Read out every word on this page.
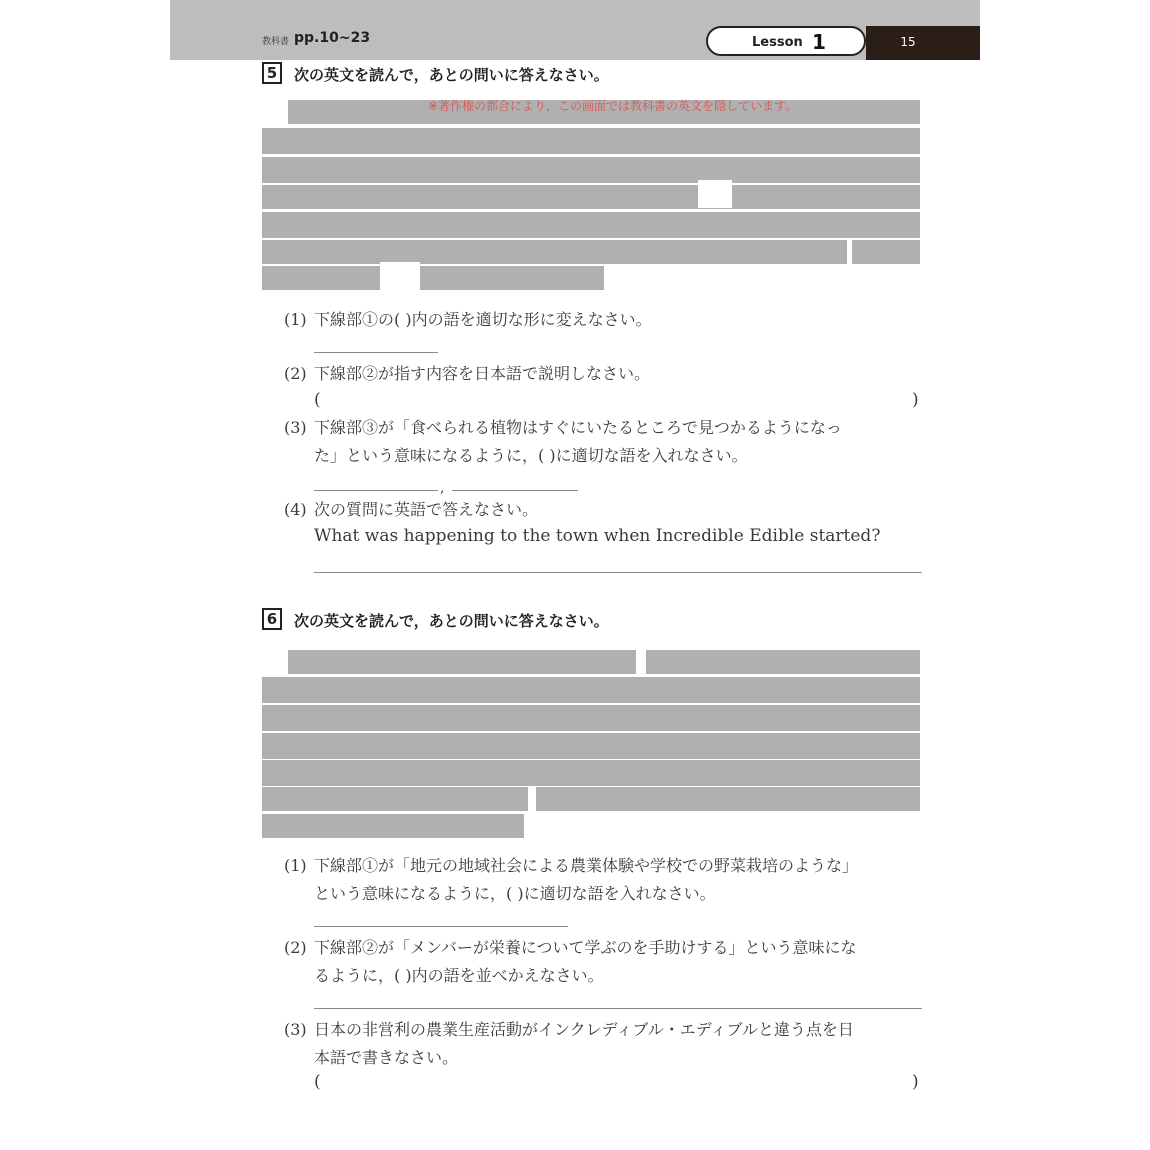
教科書 pp.10~23	Lesson 1	15
5	次の英文を読んで，あとの問いに答えなさい。
※著作権の都合により，この画面では教科書の英文を隠しています。
(1) 下線部①の( )内の語を適切な形に変えなさい。
(2) 下線部②が指す内容を日本語で説明しなさい。
(	)
(3) 下線部③が「食べられる植物はすぐにいたるところで見つかるようになっ
た」という意味になるように，( )に適切な語を入れなさい。
,
(4) 次の質問に英語で答えなさい。
What was happening to the town when Incredible Edible started?
6	次の英文を読んで，あとの問いに答えなさい。
(1) 下線部①が「地元の地域社会による農業体験や学校での野菜栽培のような」
という意味になるように，( )に適切な語を入れなさい。
(2) 下線部②が「メンバーが栄養について学ぶのを手助けする」という意味にな
るように，( )内の語を並べかえなさい。
(3) 日本の非営利の農業生産活動がインクレディブル・エディブルと違う点を日
本語で書きなさい。
(	)
